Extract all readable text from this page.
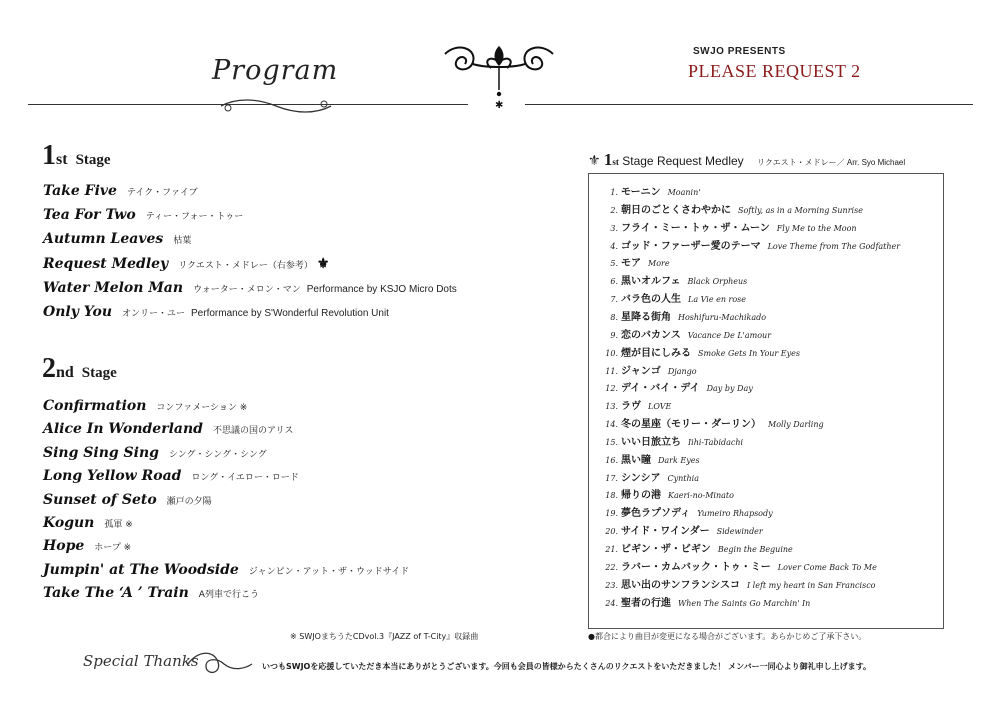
Program
SWJO PRESENTS
PLEASE REQUEST 2
✱
1st Stage
Take Five テイク・ファイブ
Tea For Two ティー・フォー・トゥー
Autumn Leaves 枯葉
Request Medley リクエスト・メドレー（右参考） ⚜
Water Melon Man ウォーター・メロン・マン Performance by KSJO Micro Dots
Only You オンリー・ユー Performance by S'Wonderful Revolution Unit
2nd Stage
Confirmation コンファメーション ※
Alice In Wonderland 不思議の国のアリス
Sing Sing Sing シング・シング・シング
Long Yellow Road ロング・イエロー・ロード
Sunset of Seto 瀬戸の夕陽
Kogun 孤軍 ※
Hope ホープ ※
Jumpin' at The Woodside ジャンピン・アット・ザ・ウッドサイド
Take The ‘A ’ Train A列車で行こう
⚜ 1st Stage Request Medley リクエスト・メドレー／ Arr. Syo Michael
1. モーニン Moanin'
2. 朝日のごとくさわやかに Softly, as in a Morning Sunrise
3. フライ・ミー・トゥ・ザ・ムーン Fly Me to the Moon
4. ゴッド・ファーザー愛のテーマ Love Theme from The Godfather
5. モア More
6. 黒いオルフェ Black Orpheus
7. バラ色の人生 La Vie en rose
8. 星降る街角 Hoshifuru-Machikado
9. 恋のバカンス Vacance De L'amour
10. 煙が目にしみる Smoke Gets In Your Eyes
11. ジャンゴ Django
12. デイ・バイ・デイ Day by Day
13. ラヴ LOVE
14. 冬の星座（モリー・ダーリン） Molly Darling
15. いい日旅立ち Iihi-Tabidachi
16. 黒い瞳 Dark Eyes
17. シンシア Cynthia
18. 帰りの港 Kaeri-no-Minato
19. 夢色ラプソディ Yumeiro Rhapsody
20. サイド・ワインダー Sidewinder
21. ビギン・ザ・ビギン Begin the Beguine
22. ラバー・カムバック・トゥ・ミー Lover Come Back To Me
23. 思い出のサンフランシスコ I left my heart in San Francisco
24. 聖者の行進 When The Saints Go Marchin' In
※ SWJOまちうたCDvol.3『JAZZ of T-City』収録曲	●都合により曲目が変更になる場合がございます。あらかじめご了承下さい。
Special Thanks	いつもSWJOを応援していただき本当にありがとうございます。今回も会員の皆様からたくさんのリクエストをいただきました！ メンバー一同心より御礼申し上げます。
